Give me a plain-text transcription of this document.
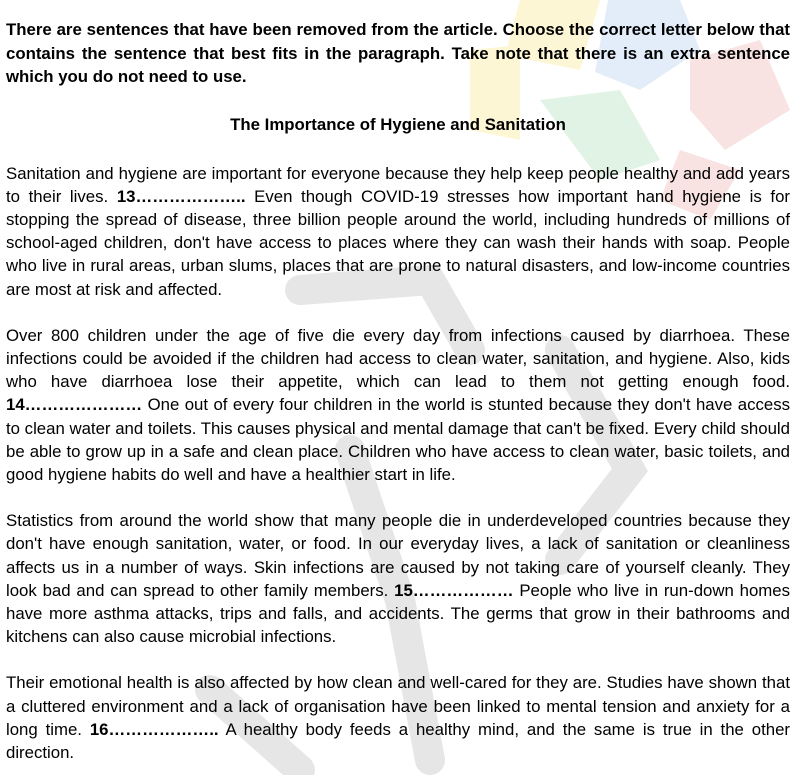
There are sentences that have been removed from the article. Choose the correct letter below that contains the sentence that best fits in the paragraph. Take note that there is an extra sentence which you do not need to use.

The Importance of Hygiene and Sanitation

Sanitation and hygiene are important for everyone because they help keep people healthy and add years to their lives. 13……………….. Even though COVID-19 stresses how important hand hygiene is for stopping the spread of disease, three billion people around the world, including hundreds of millions of school-aged children, don't have access to places where they can wash their hands with soap. People who live in rural areas, urban slums, places that are prone to natural disasters, and low-income countries are most at risk and affected.

Over 800 children under the age of five die every day from infections caused by diarrhoea. These infections could be avoided if the children had access to clean water, sanitation, and hygiene. Also, kids who have diarrhoea lose their appetite, which can lead to them not getting enough food. 14………………… One out of every four children in the world is stunted because they don't have access to clean water and toilets. This causes physical and mental damage that can't be fixed. Every child should be able to grow up in a safe and clean place. Children who have access to clean water, basic toilets, and good hygiene habits do well and have a healthier start in life.

Statistics from around the world show that many people die in underdeveloped countries because they don't have enough sanitation, water, or food. In our everyday lives, a lack of sanitation or cleanliness affects us in a number of ways. Skin infections are caused by not taking care of yourself cleanly. They look bad and can spread to other family members. 15……………… People who live in run-down homes have more asthma attacks, trips and falls, and accidents. The germs that grow in their bathrooms and kitchens can also cause microbial infections.

Their emotional health is also affected by how clean and well-cared for they are. Studies have shown that a cluttered environment and a lack of organisation have been linked to mental tension and anxiety for a long time. 16……………….. A healthy body feeds a healthy mind, and the same is true in the other direction.
